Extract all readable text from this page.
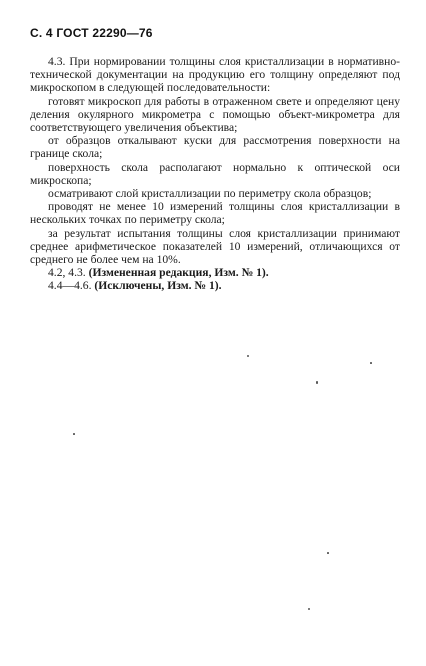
С. 4 ГОСТ 22290—76

4.3. При нормировании толщины слоя кристаллизации в нормативно-технической документации на продукцию его толщину определяют под микроскопом в следующей последовательности:

готовят микроскоп для работы в отраженном свете и определяют цену деления окулярного микрометра с помощью объект-микрометра для соответствующего увеличения объектива;

от образцов откалывают куски для рассмотрения поверхности на границе скола;

поверхность скола располагают нормально к оптической оси микроскопа;

осматривают слой кристаллизации по периметру скола образцов;

проводят не менее 10 измерений толщины слоя кристаллизации в нескольких точках по периметру скола;

за результат испытания толщины слоя кристаллизации принимают среднее арифметическое показателей 10 измерений, отличающихся от среднего не более чем на 10%.

4.2, 4.3. (Измененная редакция, Изм. № 1).

4.4—4.6. (Исключены, Изм. № 1).
